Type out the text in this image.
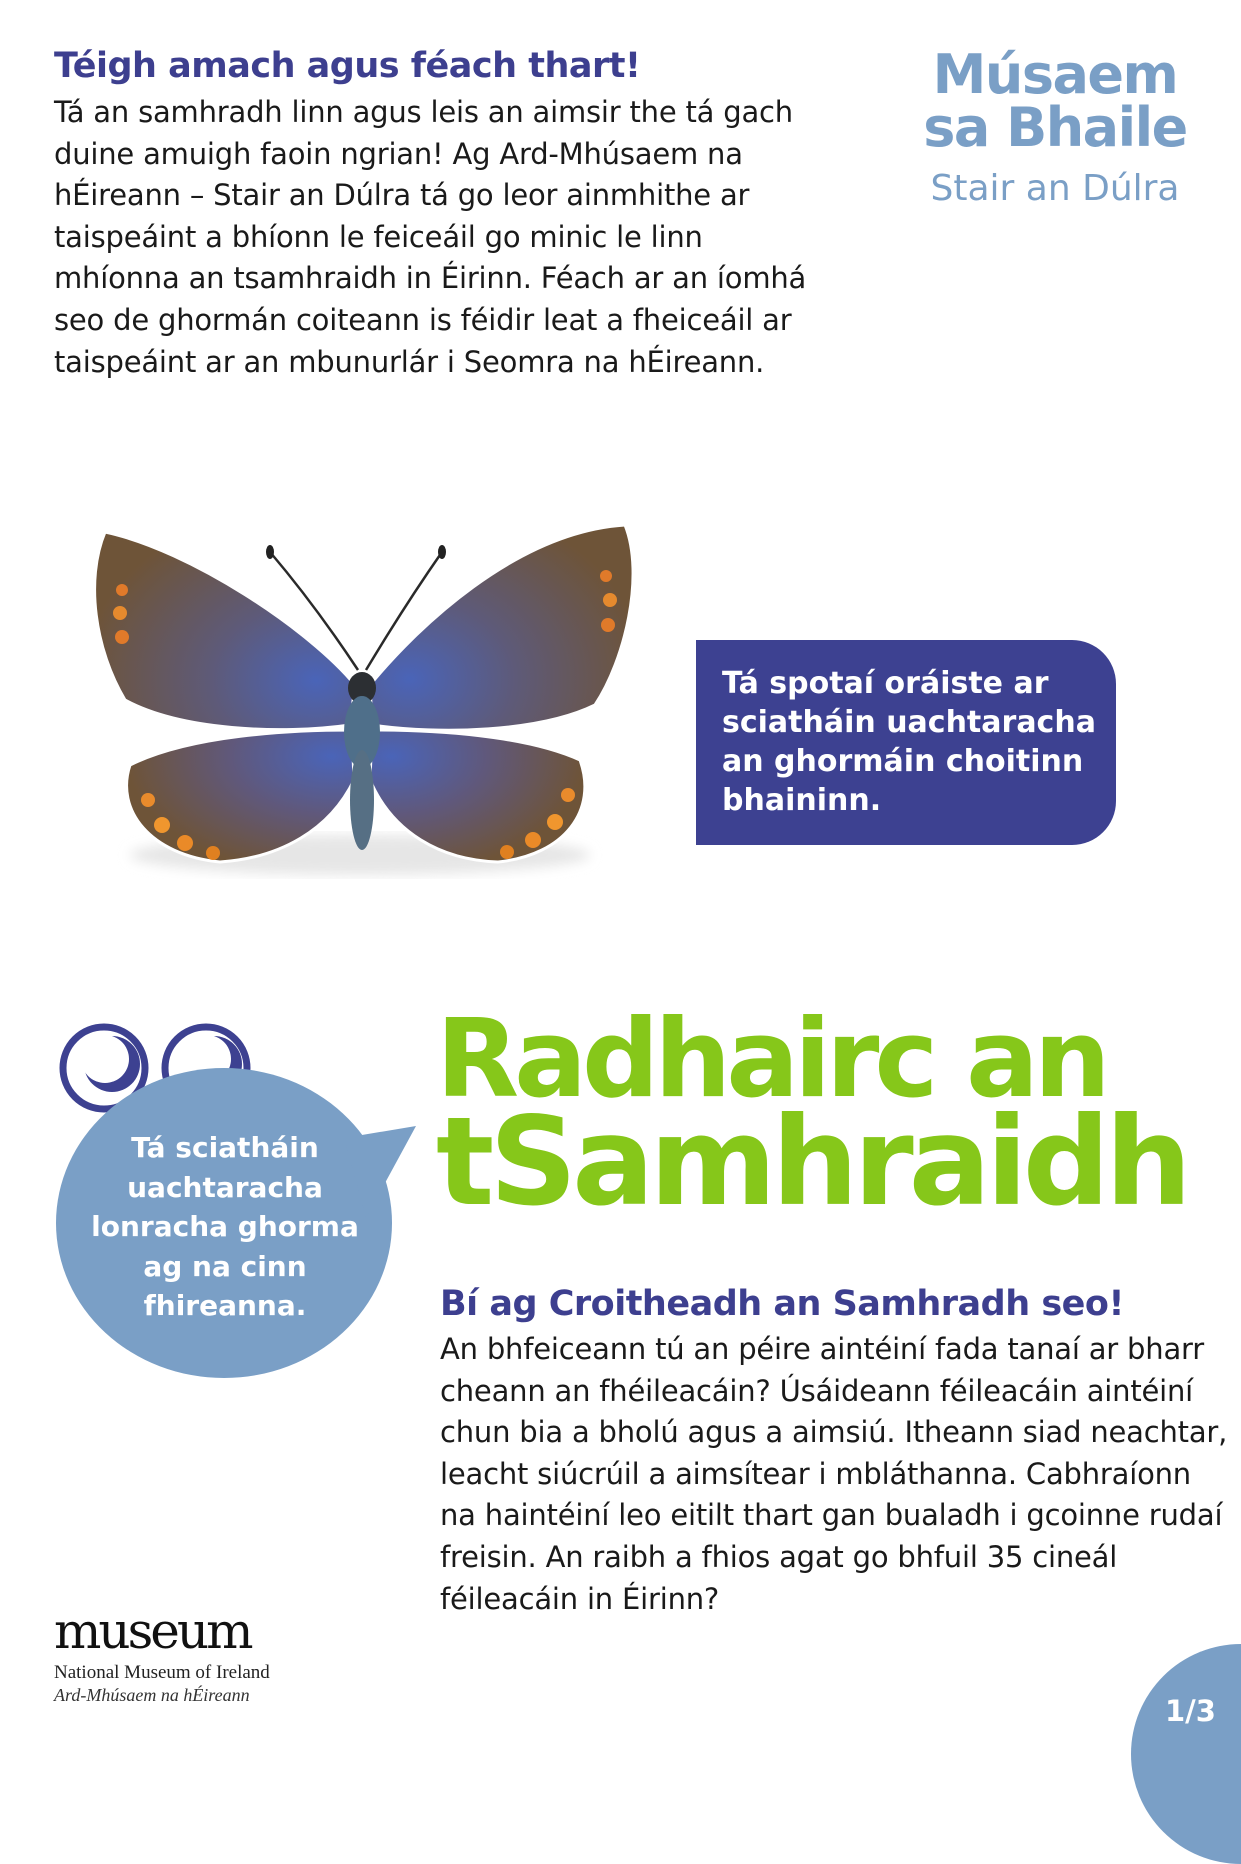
Téigh amach agus féach thart!

Tá an samhradh linn agus leis an aimsir the tá gach duine amuigh faoin ngrian! Ag Ard-Mhúsaem na hÉireann – Stair an Dúlra tá go leor ainmhithe ar taispeáint a bhíonn le feiceáil go minic le linn mhíonna an tsamhraidh in Éirinn. Féach ar an íomhá seo de ghormán coiteann is féidir leat a fheiceáil ar taispeáint ar an mbunurlár i Seomra na hÉireann.

Músaem
sa Bhaile
Stair an Dúlra

Tá spotaí oráiste ar sciatháin uachtaracha an ghormáin choitinn bhaininn.

Tá sciatháin uachtaracha lonracha ghorma ag na cinn fhireanna.

Radhairc an
tSamhraidh
Bí ag Croitheadh an Samhradh seo!

An bhfeiceann tú an péire aintéiní fada tanaí ar bharr cheann an fhéileacáin? Úsáideann féileacáin aintéiní chun bia a bholú agus a aimsiú. Itheann siad neachtar, leacht siúcrúil a aimsítear i mbláthanna. Cabhraíonn na haintéiní leo eitilt thart gan bualadh i gcoinne rudaí freisin. An raibh a fhios agat go bhfuil 35 cineál féileacáin in Éirinn?

museum
National Museum of Ireland
Ard-Mhúsaem na hÉireann	1/3
